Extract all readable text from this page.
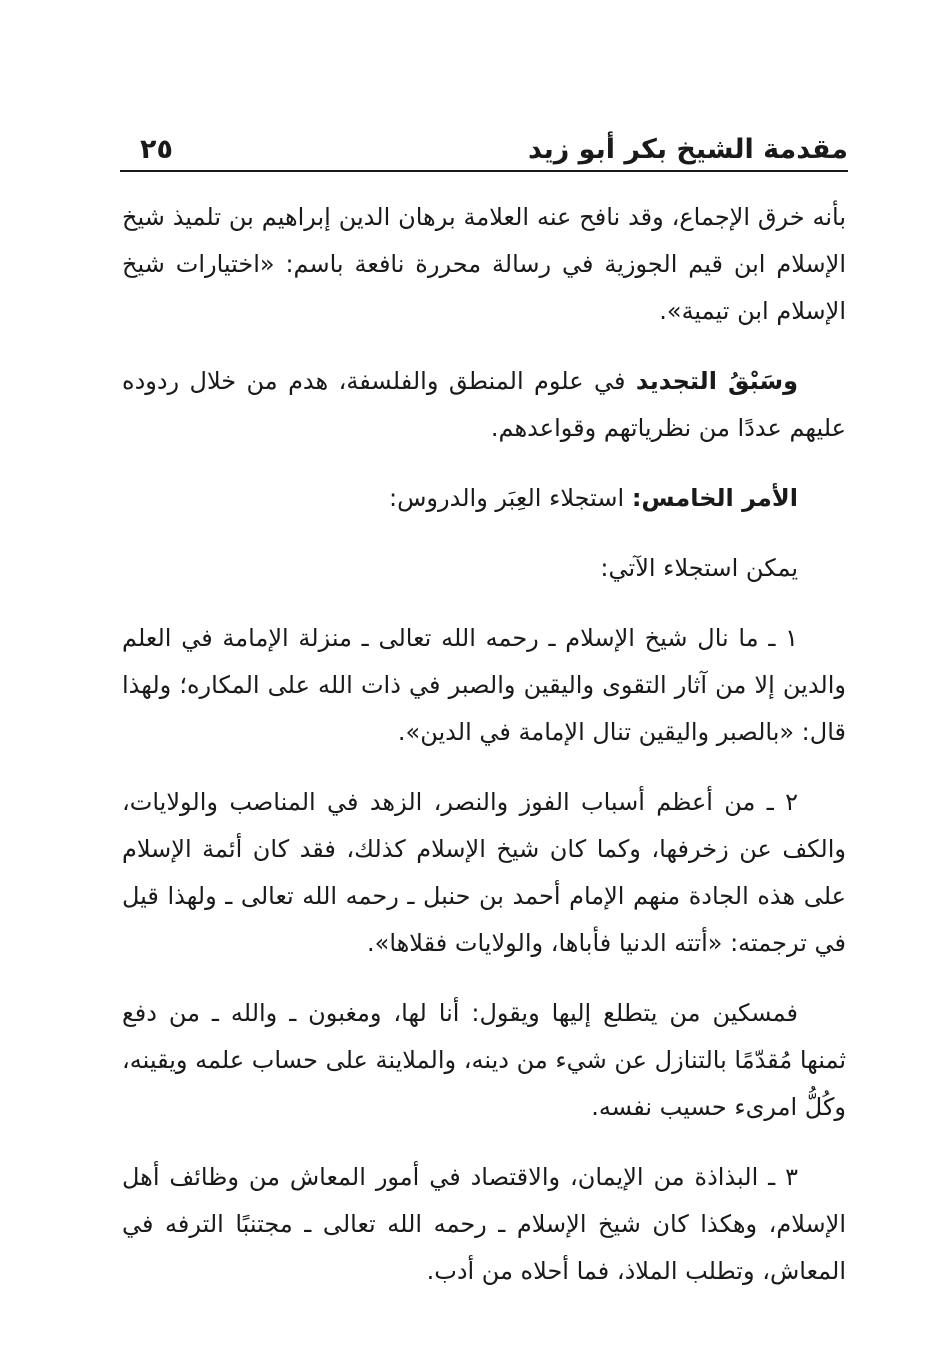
مقدمة الشيخ بكر أبو زيد
٢٥

بأنه خرق الإجماع، وقد نافح عنه العلامة برهان الدين إبراهيم بن تلميذ شيخ الإسلام ابن قيم الجوزية في رسالة محررة نافعة باسم: «اختيارات شيخ الإسلام ابن تيمية».

وسَبْقُ التجديد في علوم المنطق والفلسفة، هدم من خلال ردوده عليهم عددًا من نظرياتهم وقواعدهم.

الأمر الخامس: استجلاء العِبَر والدروس:

يمكن استجلاء الآتي:

١ ـ ما نال شيخ الإسلام ـ رحمه الله تعالى ـ منزلة الإمامة في العلم والدين إلا من آثار التقوى واليقين والصبر في ذات الله على المكاره؛ ولهذا قال: «بالصبر واليقين تنال الإمامة في الدين».

٢ ـ من أعظم أسباب الفوز والنصر، الزهد في المناصب والولايات، والكف عن زخرفها، وكما كان شيخ الإسلام كذلك، فقد كان أئمة الإسلام على هذه الجادة منهم الإمام أحمد بن حنبل ـ رحمه الله تعالى ـ ولهذا قيل في ترجمته: «أتته الدنيا فأباها، والولايات فقلاها».

فمسكين من يتطلع إليها ويقول: أنا لها، ومغبون ـ والله ـ من دفع ثمنها مُقدّمًا بالتنازل عن شيء من دينه، والملاينة على حساب علمه ويقينه، وكُلُّ امرىء حسيب نفسه.

٣ ـ البذاذة من الإيمان، والاقتصاد في أمور المعاش من وظائف أهل الإسلام، وهكذا كان شيخ الإسلام ـ رحمه الله تعالى ـ مجتنبًا الترفه في المعاش، وتطلب الملاذ، فما أحلاه من أدب.
